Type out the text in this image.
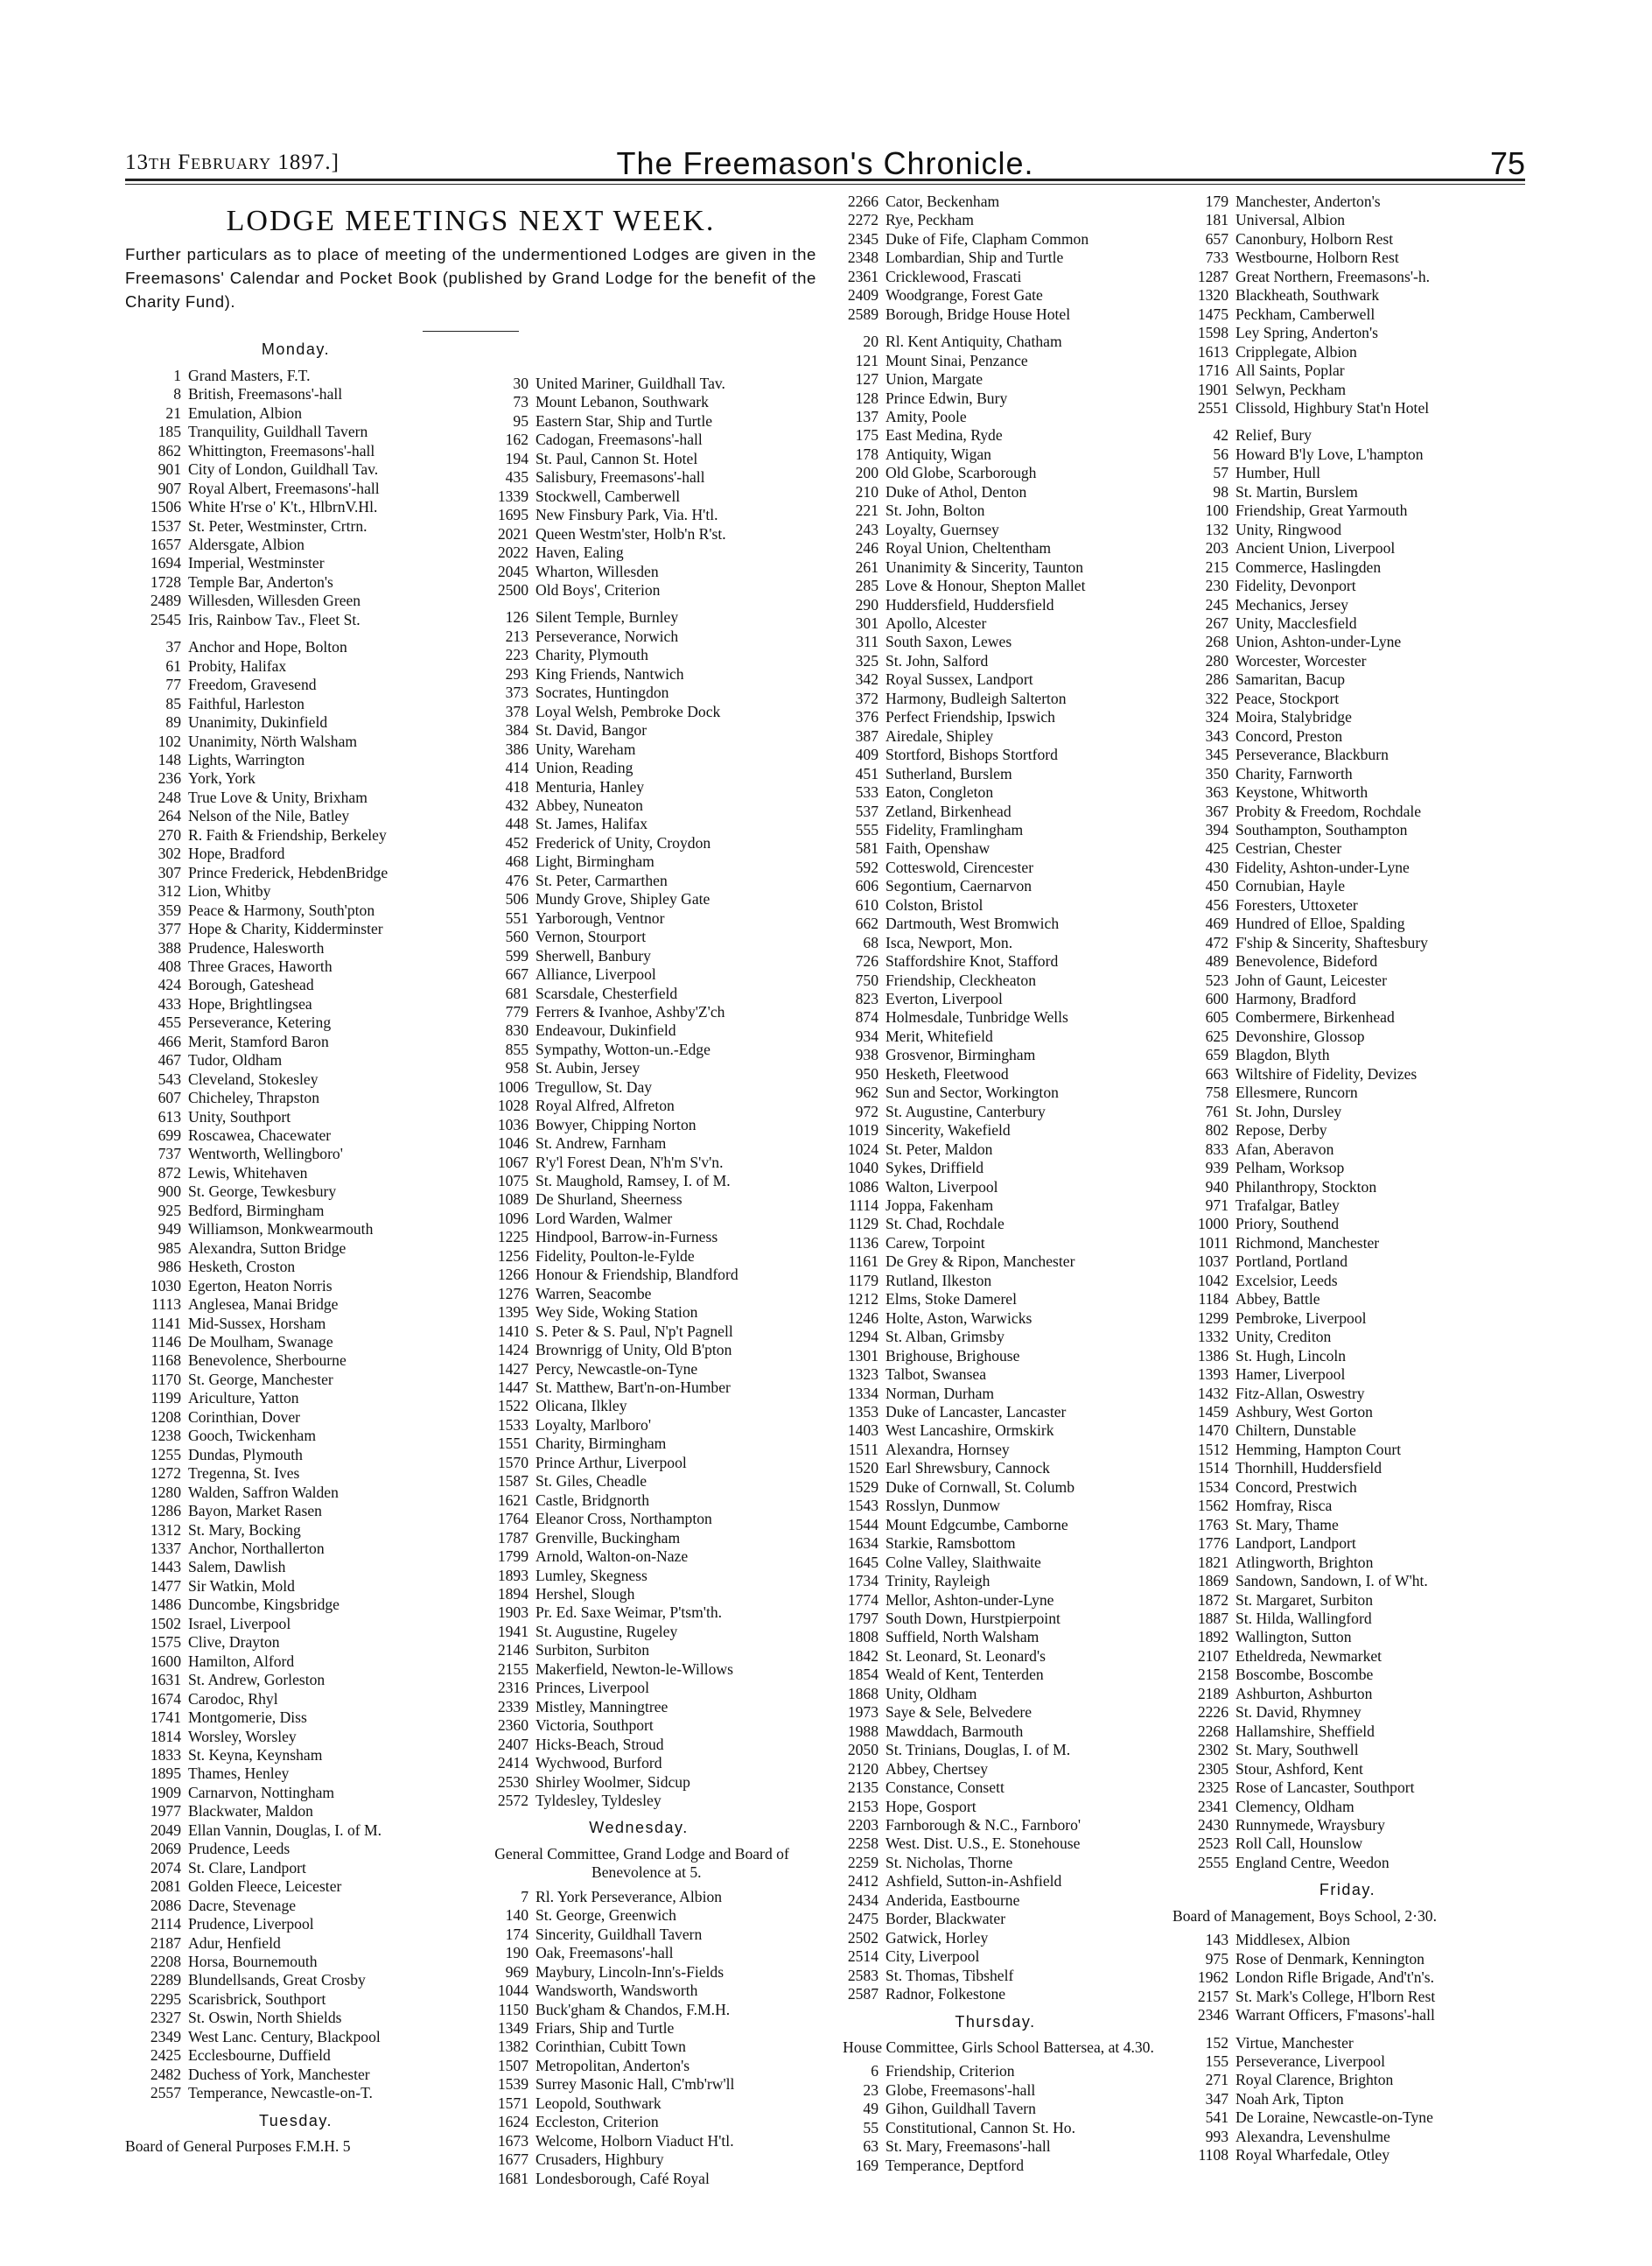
13th February 1897.]	The Freemason's Chronicle.	75
LODGE MEETINGS NEXT WEEK.

Further particulars as to place of meeting of the undermentioned Lodges are given in the Freemasons' Calendar and Pocket Book (published by Grand Lodge for the benefit of the Charity Fund).

Monday.
1 Grand Masters, F.T.
8 British, Freemasons'-hall
21 Emulation, Albion
185 Tranquility, Guildhall Tavern
862 Whittington, Freemasons'-hall
901 City of London, Guildhall Tav.
907 Royal Albert, Freemasons'-hall
1506 White H'rse o' K't., HlbrnV.Hl.
1537 St. Peter, Westminster, Crtrn.
1657 Aldersgate, Albion
1694 Imperial, Westminster
1728 Temple Bar, Anderton's
2489 Willesden, Willesden Green
2545 Iris, Rainbow Tav., Fleet St.
37 Anchor and Hope, Bolton
61 Probity, Halifax
77 Freedom, Gravesend
85 Faithful, Harleston
89 Unanimity, Dukinfield
102 Unanimity, Nörth Walsham
148 Lights, Warrington
236 York, York
248 True Love & Unity, Brixham
264 Nelson of the Nile, Batley
270 R. Faith & Friendship, Berkeley
302 Hope, Bradford
307 Prince Frederick, HebdenBridge
312 Lion, Whitby
359 Peace & Harmony, South'pton
377 Hope & Charity, Kidderminster
388 Prudence, Halesworth
408 Three Graces, Haworth
424 Borough, Gateshead
433 Hope, Brightlingsea
455 Perseverance, Ketering
466 Merit, Stamford Baron
467 Tudor, Oldham
543 Cleveland, Stokesley
607 Chicheley, Thrapston
613 Unity, Southport
699 Roscawea, Chacewater
737 Wentworth, Wellingboro'
872 Lewis, Whitehaven
900 St. George, Tewkesbury
925 Bedford, Birmingham
949 Williamson, Monkwearmouth
985 Alexandra, Sutton Bridge
986 Hesketh, Croston
1030 Egerton, Heaton Norris
1113 Anglesea, Manai Bridge
1141 Mid-Sussex, Horsham
1146 De Moulham, Swanage
1168 Benevolence, Sherbourne
1170 St. George, Manchester
1199 Ariculture, Yatton
1208 Corinthian, Dover
1238 Gooch, Twickenham
1255 Dundas, Plymouth
1272 Tregenna, St. Ives
1280 Walden, Saffron Walden
1286 Bayon, Market Rasen
1312 St. Mary, Bocking
1337 Anchor, Northallerton
1443 Salem, Dawlish
1477 Sir Watkin, Mold
1486 Duncombe, Kingsbridge
1502 Israel, Liverpool
1575 Clive, Drayton
1600 Hamilton, Alford
1631 St. Andrew, Gorleston
1674 Carodoc, Rhyl
1741 Montgomerie, Diss
1814 Worsley, Worsley
1833 St. Keyna, Keynsham
1895 Thames, Henley
1909 Carnarvon, Nottingham
1977 Blackwater, Maldon
2049 Ellan Vannin, Douglas, I. of M.
2069 Prudence, Leeds
2074 St. Clare, Landport
2081 Golden Fleece, Leicester
2086 Dacre, Stevenage
2114 Prudence, Liverpool
2187 Adur, Henfield
2208 Horsa, Bournemouth
2289 Blundellsands, Great Crosby
2295 Scarisbrick, Southport
2327 St. Oswin, North Shields
2349 West Lanc. Century, Blackpool
2425 Ecclesbourne, Duffield
2482 Duchess of York, Manchester
2557 Temperance, Newcastle-on-T.
Tuesday.
Board of General Purposes F.M.H. 5
30 United Mariner, Guildhall Tav.
73 Mount Lebanon, Southwark
95 Eastern Star, Ship and Turtle
162 Cadogan, Freemasons'-hall
194 St. Paul, Cannon St. Hotel
435 Salisbury, Freemasons'-hall
1339 Stockwell, Camberwell
1695 New Finsbury Park, Via. H'tl.
2021 Queen Westm'ster, Holb'n R'st.
2022 Haven, Ealing
2045 Wharton, Willesden
2500 Old Boys', Criterion
126 Silent Temple, Burnley
213 Perseverance, Norwich
223 Charity, Plymouth
293 King Friends, Nantwich
373 Socrates, Huntingdon
378 Loyal Welsh, Pembroke Dock
384 St. David, Bangor
386 Unity, Wareham
414 Union, Reading
418 Menturia, Hanley
432 Abbey, Nuneaton
448 St. James, Halifax
452 Frederick of Unity, Croydon
468 Light, Birmingham
476 St. Peter, Carmarthen
506 Mundy Grove, Shipley Gate
551 Yarborough, Ventnor
560 Vernon, Stourport
599 Sherwell, Banbury
667 Alliance, Liverpool
681 Scarsdale, Chesterfield
779 Ferrers & Ivanhoe, Ashby'Z'ch
830 Endeavour, Dukinfield
855 Sympathy, Wotton-un.-Edge
958 St. Aubin, Jersey
1006 Tregullow, St. Day
1028 Royal Alfred, Alfreton
1036 Bowyer, Chipping Norton
1046 St. Andrew, Farnham
1067 R'y'l Forest Dean, N'h'm S'v'n.
1075 St. Maughold, Ramsey, I. of M.
1089 De Shurland, Sheerness
1096 Lord Warden, Walmer
1225 Hindpool, Barrow-in-Furness
1256 Fidelity, Poulton-le-Fylde
1266 Honour & Friendship, Blandford
1276 Warren, Seacombe
1395 Wey Side, Woking Station
1410 S. Peter & S. Paul, N'p't Pagnell
1424 Brownrigg of Unity, Old B'pton
1427 Percy, Newcastle-on-Tyne
1447 St. Matthew, Bart'n-on-Humber
1522 Olicana, Ilkley
1533 Loyalty, Marlboro'
1551 Charity, Birmingham
1570 Prince Arthur, Liverpool
1587 St. Giles, Cheadle
1621 Castle, Bridgnorth
1764 Eleanor Cross, Northampton
1787 Grenville, Buckingham
1799 Arnold, Walton-on-Naze
1893 Lumley, Skegness
1894 Hershel, Slough
1903 Pr. Ed. Saxe Weimar, P'tsm'th.
1941 St. Augustine, Rugeley
2146 Surbiton, Surbiton
2155 Makerfield, Newton-le-Willows
2316 Princes, Liverpool
2339 Mistley, Manningtree
2360 Victoria, Southport
2407 Hicks-Beach, Stroud
2414 Wychwood, Burford
2530 Shirley Woolmer, Sidcup
2572 Tyldesley, Tyldesley
Wednesday.
General Committee, Grand Lodge and Board of Benevolence at 5.
7 Rl. York Perseverance, Albion
140 St. George, Greenwich
174 Sincerity, Guildhall Tavern
190 Oak, Freemasons'-hall
969 Maybury, Lincoln-Inn's-Fields
1044 Wandsworth, Wandsworth
1150 Buck'gham & Chandos, F.M.H.
1349 Friars, Ship and Turtle
1382 Corinthian, Cubitt Town
1507 Metropolitan, Anderton's
1539 Surrey Masonic Hall, C'mb'rw'll
1571 Leopold, Southwark
1624 Eccleston, Criterion
1673 Welcome, Holborn Viaduct H'tl.
1677 Crusaders, Highbury
1681 Londesborough, Café Royal
2266 Cator, Beckenham
2272 Rye, Peckham
2345 Duke of Fife, Clapham Common
2348 Lombardian, Ship and Turtle
2361 Cricklewood, Frascati
2409 Woodgrange, Forest Gate
2589 Borough, Bridge House Hotel
20 Rl. Kent Antiquity, Chatham
121 Mount Sinai, Penzance
127 Union, Margate
128 Prince Edwin, Bury
137 Amity, Poole
175 East Medina, Ryde
178 Antiquity, Wigan
200 Old Globe, Scarborough
210 Duke of Athol, Denton
221 St. John, Bolton
243 Loyalty, Guernsey
246 Royal Union, Cheltentham
261 Unanimity & Sincerity, Taunton
285 Love & Honour, Shepton Mallet
290 Huddersfield, Huddersfield
301 Apollo, Alcester
311 South Saxon, Lewes
325 St. John, Salford
342 Royal Sussex, Landport
372 Harmony, Budleigh Salterton
376 Perfect Friendship, Ipswich
387 Airedale, Shipley
409 Stortford, Bishops Stortford
451 Sutherland, Burslem
533 Eaton, Congleton
537 Zetland, Birkenhead
555 Fidelity, Framlingham
581 Faith, Openshaw
592 Cotteswold, Cirencester
606 Segontium, Caernarvon
610 Colston, Bristol
662 Dartmouth, West Bromwich
68 Isca, Newport, Mon.
726 Staffordshire Knot, Stafford
750 Friendship, Cleckheaton
823 Everton, Liverpool
874 Holmesdale, Tunbridge Wells
934 Merit, Whitefield
938 Grosvenor, Birmingham
950 Hesketh, Fleetwood
962 Sun and Sector, Workington
972 St. Augustine, Canterbury
1019 Sincerity, Wakefield
1024 St. Peter, Maldon
1040 Sykes, Driffield
1086 Walton, Liverpool
1114 Joppa, Fakenham
1129 St. Chad, Rochdale
1136 Carew, Torpoint
1161 De Grey & Ripon, Manchester
1179 Rutland, Ilkeston
1212 Elms, Stoke Damerel
1246 Holte, Aston, Warwicks
1294 St. Alban, Grimsby
1301 Brighouse, Brighouse
1323 Talbot, Swansea
1334 Norman, Durham
1353 Duke of Lancaster, Lancaster
1403 West Lancashire, Ormskirk
1511 Alexandra, Hornsey
1520 Earl Shrewsbury, Cannock
1529 Duke of Cornwall, St. Columb
1543 Rosslyn, Dunmow
1544 Mount Edgcumbe, Camborne
1634 Starkie, Ramsbottom
1645 Colne Valley, Slaithwaite
1734 Trinity, Rayleigh
1774 Mellor, Ashton-under-Lyne
1797 South Down, Hurstpierpoint
1808 Suffield, North Walsham
1842 St. Leonard, St. Leonard's
1854 Weald of Kent, Tenterden
1868 Unity, Oldham
1973 Saye & Sele, Belvedere
1988 Mawddach, Barmouth
2050 St. Trinians, Douglas, I. of M.
2120 Abbey, Chertsey
2135 Constance, Consett
2153 Hope, Gosport
2203 Farnborough & N.C., Farnboro'
2258 West. Dist. U.S., E. Stonehouse
2259 St. Nicholas, Thorne
2412 Ashfield, Sutton-in-Ashfield
2434 Anderida, Eastbourne
2475 Border, Blackwater
2502 Gatwick, Horley
2514 City, Liverpool
2583 St. Thomas, Tibshelf
2587 Radnor, Folkestone
Thursday.
House Committee, Girls School Battersea, at 4.30.
6 Friendship, Criterion
23 Globe, Freemasons'-hall
49 Gihon, Guildhall Tavern
55 Constitutional, Cannon St. Ho.
63 St. Mary, Freemasons'-hall
169 Temperance, Deptford
179 Manchester, Anderton's
181 Universal, Albion
657 Canonbury, Holborn Rest
733 Westbourne, Holborn Rest
1287 Great Northern, Freemasons'-h.
1320 Blackheath, Southwark
1475 Peckham, Camberwell
1598 Ley Spring, Anderton's
1613 Cripplegate, Albion
1716 All Saints, Poplar
1901 Selwyn, Peckham
2551 Clissold, Highbury Stat'n Hotel
42 Relief, Bury
56 Howard B'ly Love, L'hampton
57 Humber, Hull
98 St. Martin, Burslem
100 Friendship, Great Yarmouth
132 Unity, Ringwood
203 Ancient Union, Liverpool
215 Commerce, Haslingden
230 Fidelity, Devonport
245 Mechanics, Jersey
267 Unity, Macclesfield
268 Union, Ashton-under-Lyne
280 Worcester, Worcester
286 Samaritan, Bacup
322 Peace, Stockport
324 Moira, Stalybridge
343 Concord, Preston
345 Perseverance, Blackburn
350 Charity, Farnworth
363 Keystone, Whitworth
367 Probity & Freedom, Rochdale
394 Southampton, Southampton
425 Cestrian, Chester
430 Fidelity, Ashton-under-Lyne
450 Cornubian, Hayle
456 Foresters, Uttoxeter
469 Hundred of Elloe, Spalding
472 F'ship & Sincerity, Shaftesbury
489 Benevolence, Bideford
523 John of Gaunt, Leicester
600 Harmony, Bradford
605 Combermere, Birkenhead
625 Devonshire, Glossop
659 Blagdon, Blyth
663 Wiltshire of Fidelity, Devizes
758 Ellesmere, Runcorn
761 St. John, Dursley
802 Repose, Derby
833 Afan, Aberavon
939 Pelham, Worksop
940 Philanthropy, Stockton
971 Trafalgar, Batley
1000 Priory, Southend
1011 Richmond, Manchester
1037 Portland, Portland
1042 Excelsior, Leeds
1184 Abbey, Battle
1299 Pembroke, Liverpool
1332 Unity, Crediton
1386 St. Hugh, Lincoln
1393 Hamer, Liverpool
1432 Fitz-Allan, Oswestry
1459 Ashbury, West Gorton
1470 Chiltern, Dunstable
1512 Hemming, Hampton Court
1514 Thornhill, Huddersfield
1534 Concord, Prestwich
1562 Homfray, Risca
1763 St. Mary, Thame
1776 Landport, Landport
1821 Atlingworth, Brighton
1869 Sandown, Sandown, I. of W'ht.
1872 St. Margaret, Surbiton
1887 St. Hilda, Wallingford
1892 Wallington, Sutton
2107 Etheldreda, Newmarket
2158 Boscombe, Boscombe
2189 Ashburton, Ashburton
2226 St. David, Rhymney
2268 Hallamshire, Sheffield
2302 St. Mary, Southwell
2305 Stour, Ashford, Kent
2325 Rose of Lancaster, Southport
2341 Clemency, Oldham
2430 Runnymede, Wraysbury
2523 Roll Call, Hounslow
2555 England Centre, Weedon
Friday.
Board of Management, Boys School, 2·30.
143 Middlesex, Albion
975 Rose of Denmark, Kennington
1962 London Rifle Brigade, And't'n's.
2157 St. Mark's College, H'lborn Rest
2346 Warrant Officers, F'masons'-hall
152 Virtue, Manchester
155 Perseverance, Liverpool
271 Royal Clarence, Brighton
347 Noah Ark, Tipton
541 De Loraine, Newcastle-on-Tyne
993 Alexandra, Levenshulme
1108 Royal Wharfedale, Otley
